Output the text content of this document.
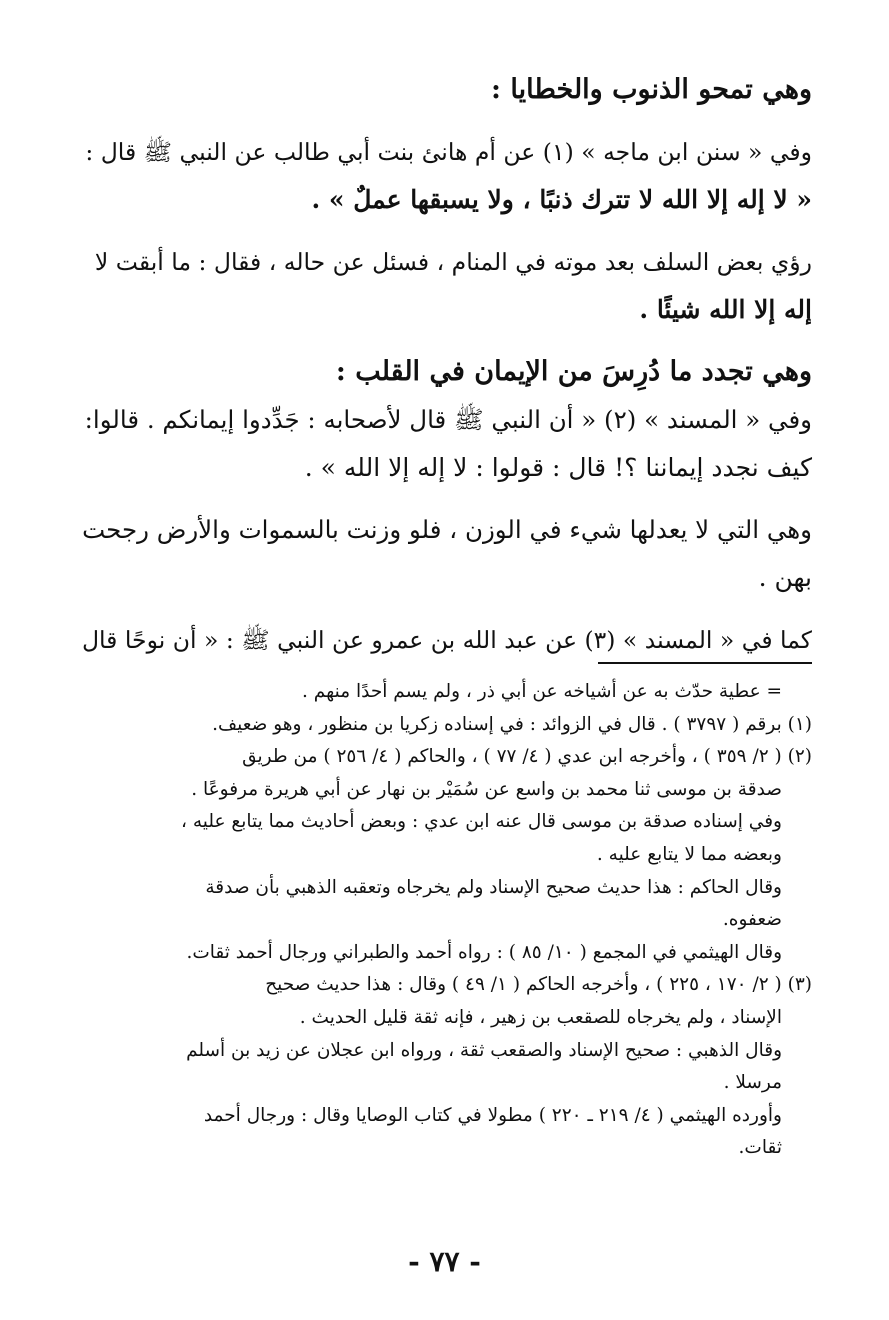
وهي تمحو الذنوب والخطايا :
وفي « سنن ابن ماجه » (١) عن أم هانئ بنت أبي طالب عن النبي ﷺ قال :
« لا إله إلا الله لا تترك ذنبًا ، ولا يسبقها عملٌ » .
رؤي بعض السلف بعد موته في المنام ، فسئل عن حاله ، فقال : ما أبقت لا
إله إلا الله شيئًا .
وهي تجدد ما دُرِسَ من الإيمان في القلب :
وفي « المسند » (٢) « أن النبي ﷺ قال لأصحابه : جَدِّدوا إيمانكم . قالوا:
كيف نجدد إيماننا ؟! قال : قولوا : لا إله إلا الله » .
وهي التي لا يعدلها شيء في الوزن ، فلو وزنت بالسموات والأرض رجحت
بهن .
كما في « المسند » (٣) عن عبد الله بن عمرو عن النبي ﷺ : « أن نوحًا قال
= عطية حدّث به عن أشياخه عن أبي ذر ، ولم يسم أحدًا منهم .
(١) برقم ( ٣٧٩٧ ) . قال في الزوائد : في إسناده زكريا بن منظور ، وهو ضعيف.
(٢) ( ٢/ ٣٥٩ ) ، وأخرجه ابن عدي ( ٤/ ٧٧ ) ، والحاكم ( ٤/ ٢٥٦ ) من طريق
صدقة بن موسى ثنا محمد بن واسع عن سُمَيْر بن نهار عن أبي هريرة مرفوعًا .
وفي إسناده صدقة بن موسى قال عنه ابن عدي : وبعض أحاديث مما يتابع عليه ،
وبعضه مما لا يتابع عليه .
وقال الحاكم : هذا حديث صحيح الإسناد ولم يخرجاه وتعقبه الذهبي بأن صدقة
ضعفوه.
وقال الهيثمي في المجمع ( ١٠/ ٨٥ ) : رواه أحمد والطبراني ورجال أحمد ثقات.
(٣) ( ٢/ ١٧٠ ، ٢٢٥ ) ، وأخرجه الحاكم ( ١/ ٤٩ ) وقال : هذا حديث صحيح
الإسناد ، ولم يخرجاه للصقعب بن زهير ، فإنه ثقة قليل الحديث .
وقال الذهبي : صحيح الإسناد والصقعب ثقة ، ورواه ابن عجلان عن زيد بن أسلم
مرسلا .
وأورده الهيثمي ( ٤/ ٢١٩ ـ ٢٢٠ ) مطولا في كتاب الوصايا وقال : ورجال أحمد
ثقات.
- ٧٧ -
